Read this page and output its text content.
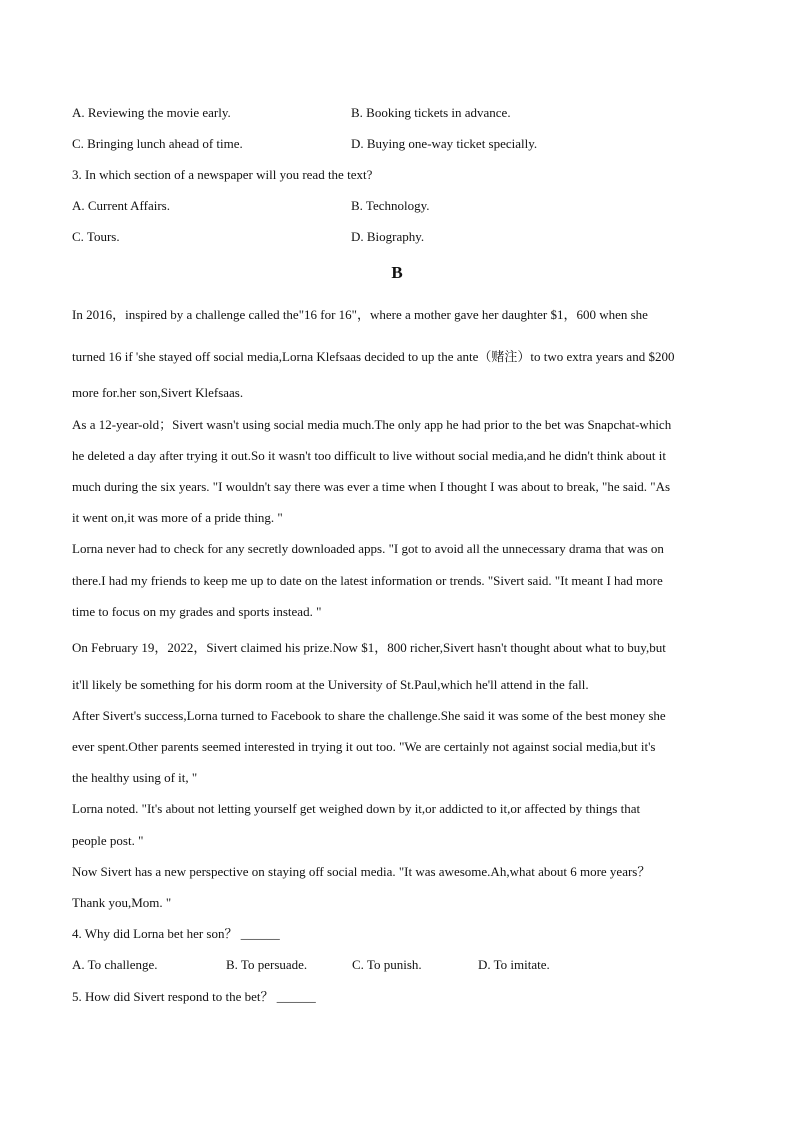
A. Reviewing the movie early.	B. Booking tickets in advance.
C. Bringing lunch ahead of time.	D. Buying one-way ticket specially.
3. In which section of a newspaper will you read the text?
A. Current Affairs.	B. Technology.
C. Tours.	D. Biography.
B
In 2016，inspired by a challenge called the"16 for 16"，where a mother gave her daughter $1，600 when she
turned 16 if 'she stayed off social media,Lorna Klefsaas decided to up the ante（赌注）to two extra years and $200
more for.her son,Sivert Klefsaas.
As a 12-year-old；Sivert wasn't using social media much.The only app he had prior to the bet was Snapchat-which
he deleted a day after trying it out.So it wasn't too difficult to live without social media,and he didn't think about it
much during the six years. "I wouldn't say there was ever a time when I thought I was about to break, "he said. "As
it went on,it was more of a pride thing. "
Lorna never had to check for any secretly downloaded apps. "I got to avoid all the unnecessary drama that was on
there.I had my friends to keep me up to date on the latest information or trends. "Sivert said. "It meant I had more
time to focus on my grades and sports instead. "
On February 19，2022，Sivert claimed his prize.Now $1，800 richer,Sivert hasn't thought about what to buy,but
it'll likely be something for his dorm room at the University of St.Paul,which he'll attend in the fall.
After Sivert's success,Lorna turned to Facebook to share the challenge.She said it was some of the best money she
ever spent.Other parents seemed interested in trying it out too. "We are certainly not against social media,but it's
the healthy using of it, "
Lorna noted. "It's about not letting yourself get weighed down by it,or addicted to it,or affected by things that
people post. "
Now Sivert has a new perspective on staying off social media. "It was awesome.Ah,what about 6 more years？
Thank you,Mom. "
4. Why did Lorna bet her son？ ______
A. To challenge.	B. To persuade.	C. To punish.	D. To imitate.
5. How did Sivert respond to the bet？ ______
